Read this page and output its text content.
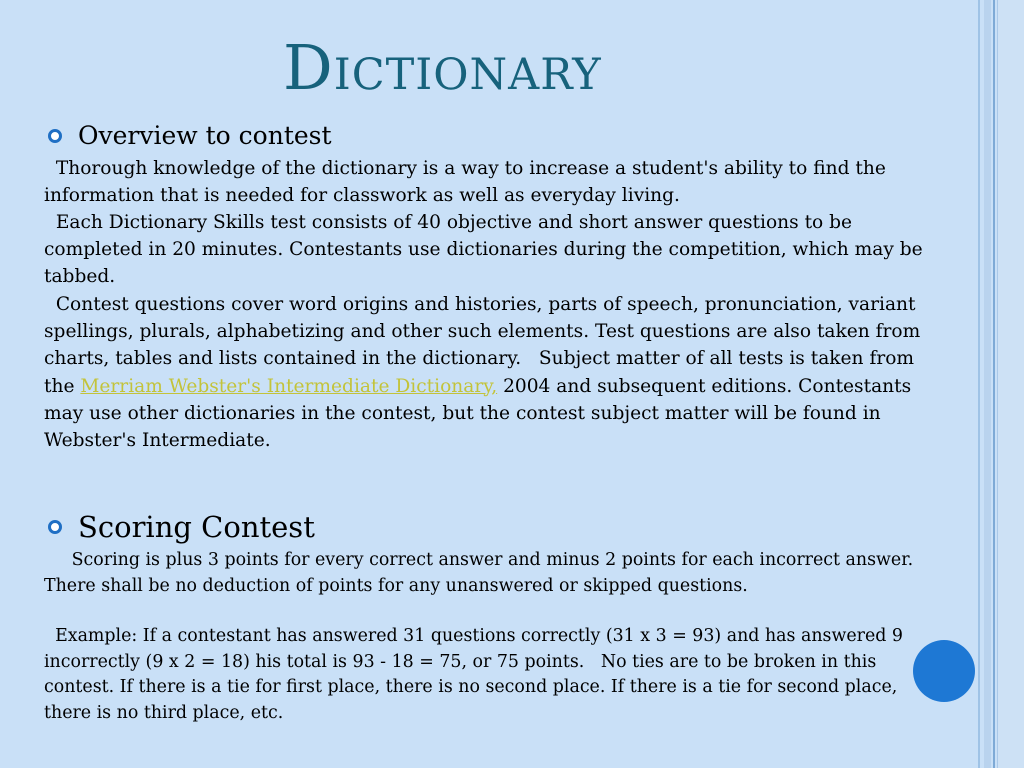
Dictionary
Overview to contest

Thorough knowledge of the dictionary is a way to increase a student's ability to find the information that is needed for classwork as well as everyday living.

Each Dictionary Skills test consists of 40 objective and short answer questions to be completed in 20 minutes. Contestants use dictionaries during the competition, which may be tabbed.

Contest questions cover word origins and histories, parts of speech, pronunciation, variant spellings, plurals, alphabetizing and other such elements. Test questions are also taken from charts, tables and lists contained in the dictionary.   Subject matter of all tests is taken from the Merriam Webster's Intermediate Dictionary, 2004 and subsequent editions. Contestants may use other dictionaries in the contest, but the contest subject matter will be found in Webster's Intermediate.

Scoring Contest

Scoring is plus 3 points for every correct answer and minus 2 points for each incorrect answer. There shall be no deduction of points for any unanswered or skipped questions.

Example: If a contestant has answered 31 questions correctly (31 x 3 = 93) and has answered 9 incorrectly (9 x 2 = 18) his total is 93 - 18 = 75, or 75 points.   No ties are to be broken in this contest. If there is a tie for first place, there is no second place. If there is a tie for second place, there is no third place, etc.
